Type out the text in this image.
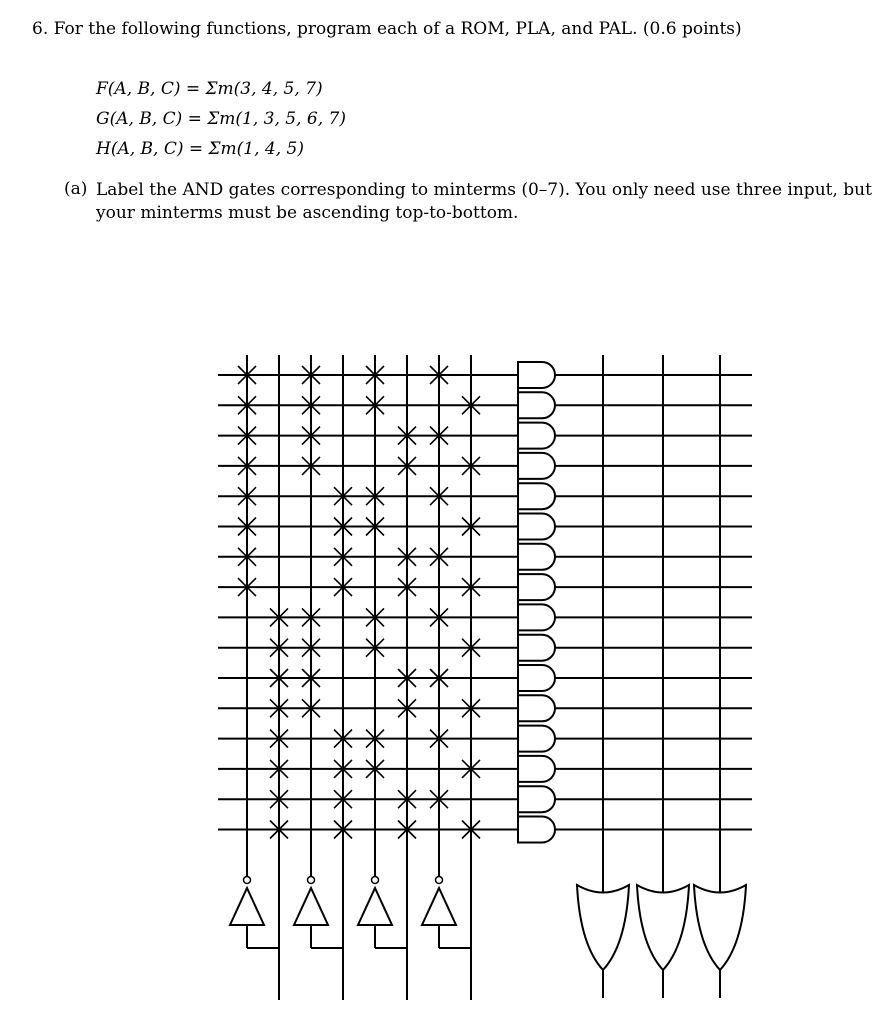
6. For the following functions, program each of a ROM, PLA, and PAL. (0.6 points)
F(A, B, C) = Σm(3, 4, 5, 7)
G(A, B, C) = Σm(1, 3, 5, 6, 7)
H(A, B, C) = Σm(1, 4, 5)
(a) Label the AND gates corresponding to minterms (0–7). You only need use three input, but your minterms must be ascending top-to-bottom.
